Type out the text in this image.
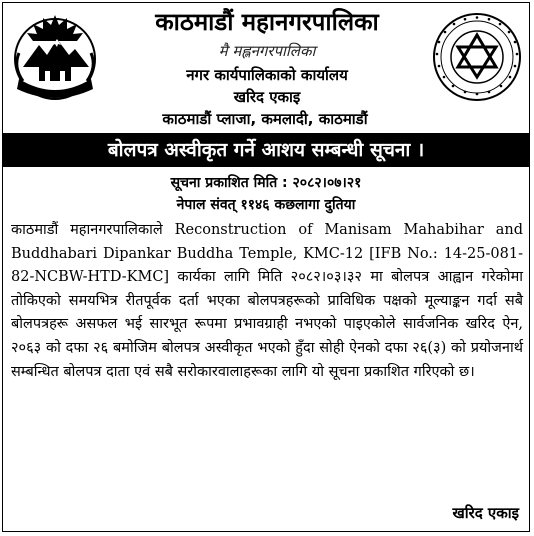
काठमाडौं महानगरपालिका
मै मह्लनगरपालिका
नगर कार्यपालिकाको कार्यालय
खरिद एकाइ
काठमाडौं प्लाजा, कमलादी, काठमाडौं
बोलपत्र अस्वीकृत गर्ने आशय सम्बन्धी सूचना ।
सूचना प्रकाशित मिति : २०८२।०७।२१
नेपाल संवत् ११४६ कछलागा दुतिया
काठमाडौं महानगरपालिकाले Reconstruction of Manisam Mahabihar and Buddhabari Dipankar Buddha Temple, KMC-12 [IFB No.: 14-25-081-82-NCBW-HTD-KMC] कार्यका लागि मिति २०८२।०३।३२ मा बोलपत्र आह्वान गरेकोमा तोकिएको समयभित्र रीतपूर्वक दर्ता भएका बोलपत्रहरूको प्राविधिक पक्षको मूल्याङ्कन गर्दा सबै बोलपत्रहरू असफल भई सारभूत रूपमा प्रभावग्राही नभएको पाइएकोले सार्वजनिक खरिद ऐन, २०६३ को दफा २६ बमोजिम बोलपत्र अस्वीकृत भएको हुँदा सोही ऐनको दफा २६(३) को प्रयोजनार्थ सम्बन्धित बोलपत्र दाता एवं सबै सरोकारवालाहरूका लागि यो सूचना प्रकाशित गरिएको छ।
खरिद एकाइ
